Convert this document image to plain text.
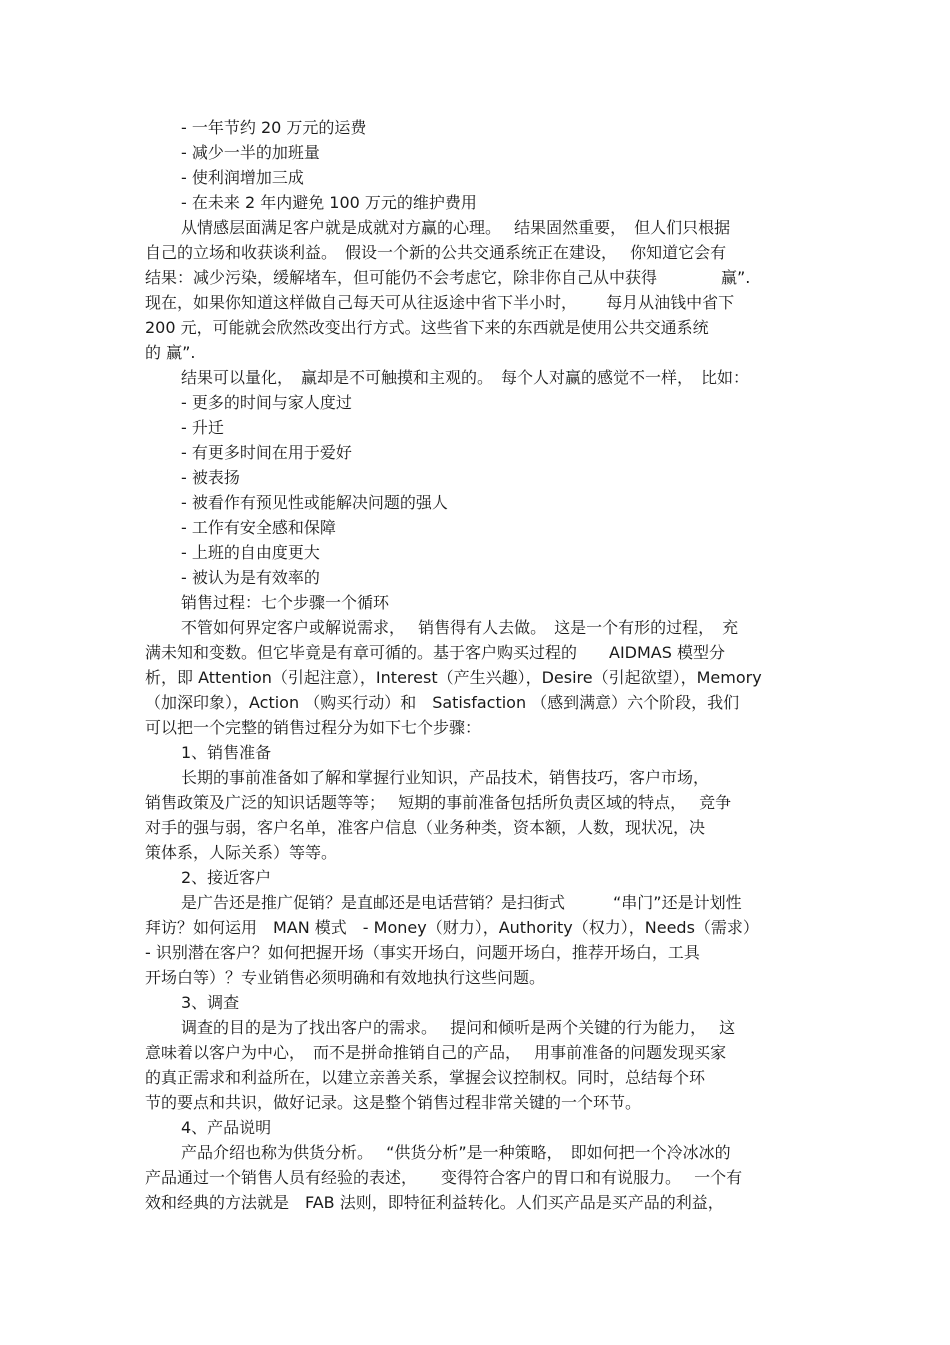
- 一年节约 20 万元的运费
- 减少一半的加班量
- 使利润增加三成
- 在未来 2 年内避免 100 万元的维护费用
从情感层面满足客户就是成就对方赢的心理。　 结果固然重要，　但人们只根据
自己的立场和收获谈利益。　假设一个新的公共交通系统正在建设，　 你知道它会有
结果：减少污染，缓解堵车，但可能仍不会考虑它，除非你自己从中获得　　　　赢”.
现在，如果你知道这样做自己每天可从往返途中省下半小时，　　 每月从油钱中省下
200 元，可能就会欣然改变出行方式。这些省下来的东西就是使用公共交通系统
的 赢”.
结果可以量化，　赢却是不可触摸和主观的。　每个人对赢的感觉不一样，　比如：
- 更多的时间与家人度过
- 升迁
- 有更多时间在用于爱好
- 被表扬
- 被看作有预见性或能解决问题的强人
- 工作有安全感和保障
- 上班的自由度更大
- 被认为是有效率的
销售过程：七个步骤一个循环
不管如何界定客户或解说需求，　 销售得有人去做。　这是一个有形的过程，　充
满未知和变数。但它毕竟是有章可循的。基于客户购买过程的　　AIDMAS 模型分
析，即 Attention（引起注意），Interest（产生兴趣），Desire（引起欲望），Memory
（加深印象），Action （购买行动）和　Satisfaction （感到满意）六个阶段，我们
可以把一个完整的销售过程分为如下七个步骤：
1、销售准备
长期的事前准备如了解和掌握行业知识，产品技术，销售技巧，客户市场，
销售政策及广泛的知识话题等等；　 短期的事前准备包括所负责区域的特点，　 竞争
对手的强与弱，客户名单，准客户信息（业务种类，资本额，人数，现状况，决
策体系，人际关系）等等。
2、接近客户
是广告还是推广促销？是直邮还是电话营销？是扫街式　　　“串门”还是计划性
拜访？如何运用　MAN 模式　- Money（财力），Authority（权力），Needs（需求）
- 识别潜在客户？如何把握开场（事实开场白，问题开场白，推荐开场白，工具
开场白等）？专业销售必须明确和有效地执行这些问题。
3、调查
调查的目的是为了找出客户的需求。　 提问和倾听是两个关键的行为能力，　 这
意味着以客户为中心，　而不是拼命推销自己的产品，　 用事前准备的问题发现买家
的真正需求和利益所在，以建立亲善关系，掌握会议控制权。同时，总结每个环
节的要点和共识，做好记录。这是整个销售过程非常关键的一个环节。
4、产品说明
产品介绍也称为供货分析。　 “供货分析”是一种策略，　即如何把一个冷冰冰的
产品通过一个销售人员有经验的表述，　　变得符合客户的胃口和有说服力。　 一个有
效和经典的方法就是　FAB 法则，即特征利益转化。人们买产品是买产品的利益，
